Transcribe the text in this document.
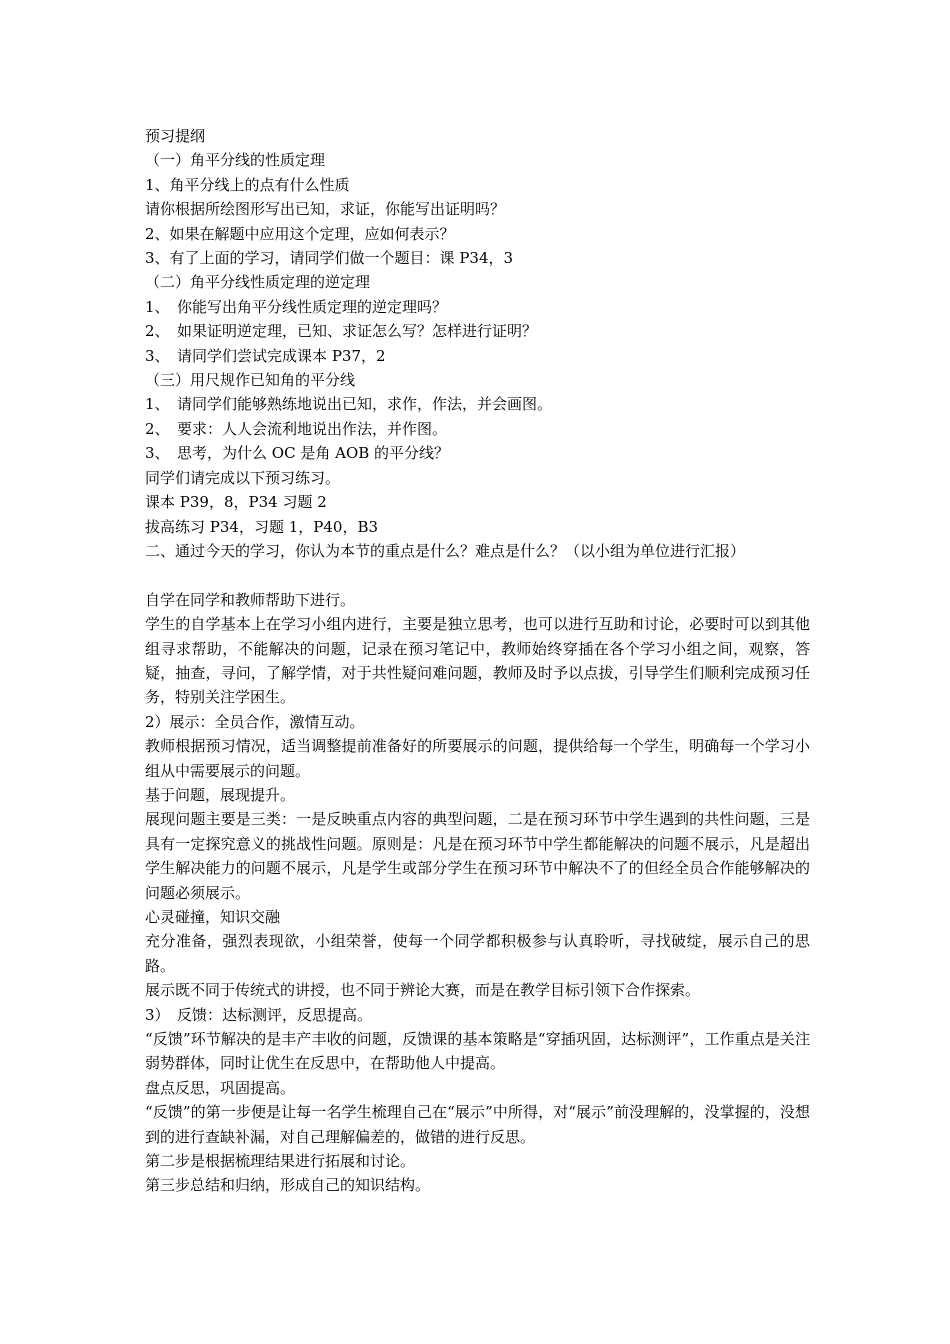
预习提纲
（一）角平分线的性质定理
1、角平分线上的点有什么性质
请你根据所绘图形写出已知，求证，你能写出证明吗？
2、如果在解题中应用这个定理，应如何表示？
3、有了上面的学习，请同学们做一个题目：课 P34，3
（二）角平分线性质定理的逆定理
1、　你能写出角平分线性质定理的逆定理吗？
2、　如果证明逆定理，已知、求证怎么写？怎样进行证明？
3、　请同学们尝试完成课本 P37，2
（三）用尺规作已知角的平分线
1、　请同学们能够熟练地说出已知，求作，作法，并会画图。
2、　要求：人人会流利地说出作法，并作图。
3、　思考，为什么 OC 是角 AOB 的平分线？
同学们请完成以下预习练习。
课本 P39，8，P34 习题 2
拔高练习 P34，习题 1，P40，B3
二、通过今天的学习，你认为本节的重点是什么？难点是什么？（以小组为单位进行汇报）
自学在同学和教师帮助下进行。
学生的自学基本上在学习小组内进行，主要是独立思考，也可以进行互助和讨论，必要时可以到其他组寻求帮助，不能解决的问题，记录在预习笔记中，教师始终穿插在各个学习小组之间，观察，答疑，抽查，寻问，了解学情，对于共性疑问难问题，教师及时予以点拔，引导学生们顺利完成预习任务，特别关注学困生。
2）展示：全员合作，激情互动。
教师根据预习情况，适当调整提前准备好的所要展示的问题，提供给每一个学生，明确每一个学习小组从中需要展示的问题。
基于问题，展现提升。
展现问题主要是三类：一是反映重点内容的典型问题，二是在预习环节中学生遇到的共性问题，三是具有一定探究意义的挑战性问题。原则是：凡是在预习环节中学生都能解决的问题不展示，凡是超出学生解决能力的问题不展示，凡是学生或部分学生在预习环节中解决不了的但经全员合作能够解决的问题必须展示。
心灵碰撞，知识交融
充分准备，强烈表现欲，小组荣誉，使每一个同学都积极参与认真聆听，寻找破绽，展示自己的思路。
展示既不同于传统式的讲授，也不同于辨论大赛，而是在教学目标引领下合作探索。
3）　反馈：达标测评，反思提高。
“反馈”环节解决的是丰产丰收的问题，反馈课的基本策略是“穿插巩固，达标测评”，工作重点是关注弱势群体，同时让优生在反思中，在帮助他人中提高。
盘点反思，巩固提高。
“反馈”的第一步便是让每一名学生梳理自己在“展示”中所得，对“展示”前没理解的，没掌握的，没想到的进行查缺补漏，对自己理解偏差的，做错的进行反思。
第二步是根据梳理结果进行拓展和讨论。
第三步总结和归纳，形成自己的知识结构。
